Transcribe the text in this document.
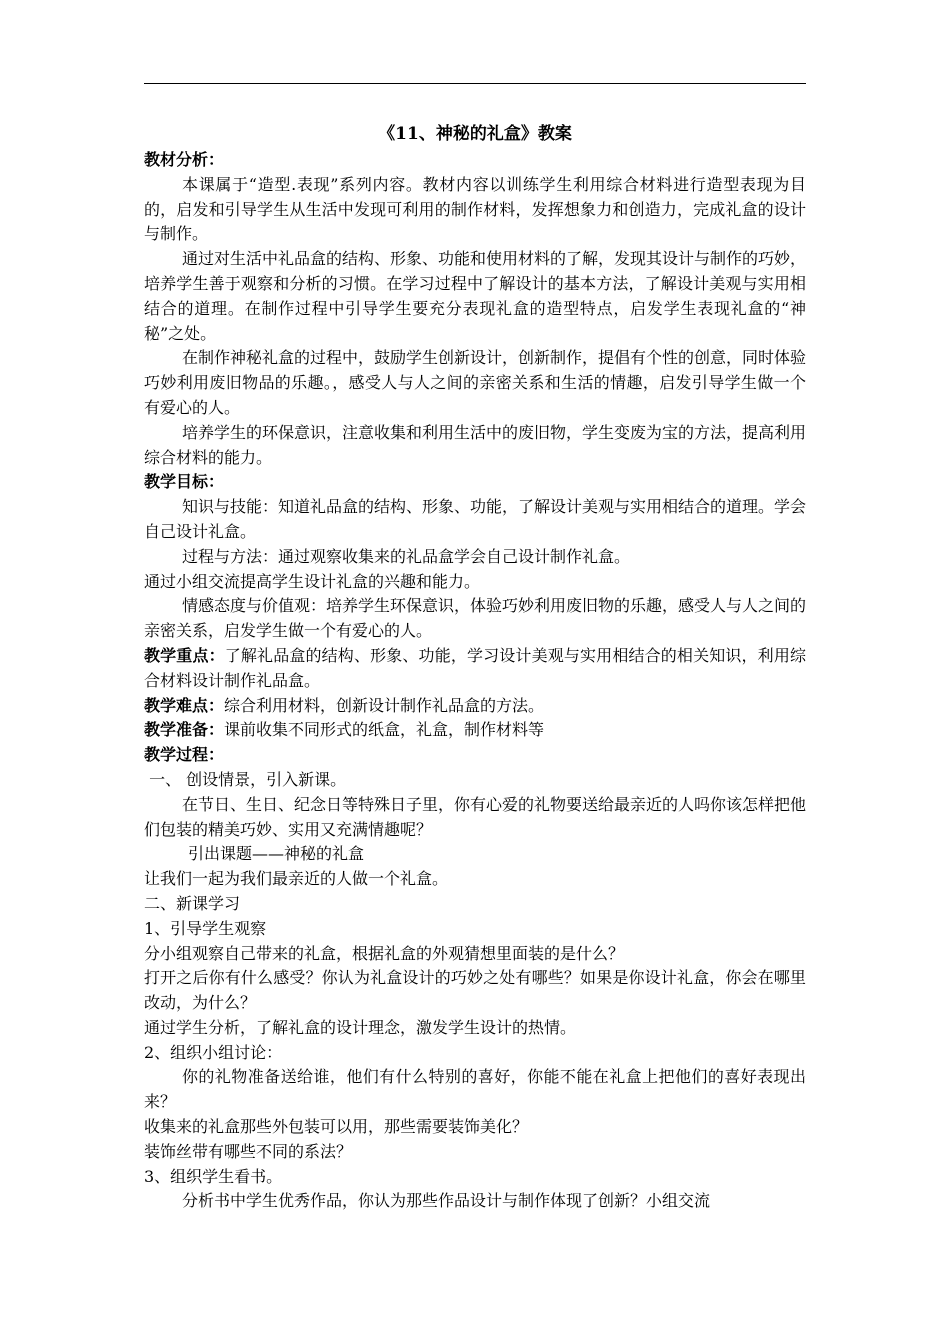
《11、神秘的礼盒》教案

教材分析：

本课属于“造型.表现”系列内容。教材内容以训练学生利用综合材料进行造型表现为目的，启发和引导学生从生活中发现可利用的制作材料，发挥想象力和创造力，完成礼盒的设计与制作。

通过对生活中礼品盒的结构、形象、功能和使用材料的了解，发现其设计与制作的巧妙，培养学生善于观察和分析的习惯。在学习过程中了解设计的基本方法，了解设计美观与实用相结合的道理。在制作过程中引导学生要充分表现礼盒的造型特点，启发学生表现礼盒的“神秘”之处。

在制作神秘礼盒的过程中，鼓励学生创新设计，创新制作，提倡有个性的创意，同时体验巧妙利用废旧物品的乐趣。，感受人与人之间的亲密关系和生活的情趣，启发引导学生做一个有爱心的人。

培养学生的环保意识，注意收集和利用生活中的废旧物，学生变废为宝的方法，提高利用综合材料的能力。

教学目标：

知识与技能：知道礼品盒的结构、形象、功能，了解设计美观与实用相结合的道理。学会自己设计礼盒。

过程与方法：通过观察收集来的礼品盒学会自己设计制作礼盒。

通过小组交流提高学生设计礼盒的兴趣和能力。

情感态度与价值观：培养学生环保意识，体验巧妙利用废旧物的乐趣，感受人与人之间的亲密关系，启发学生做一个有爱心的人。

教学重点：了解礼品盒的结构、形象、功能，学习设计美观与实用相结合的相关知识，利用综合材料设计制作礼品盒。

教学难点：综合利用材料，创新设计制作礼品盒的方法。

教学准备：课前收集不同形式的纸盒，礼盒，制作材料等

教学过程：

一、 创设情景，引入新课。

在节日、生日、纪念日等特殊日子里，你有心爱的礼物要送给最亲近的人吗你该怎样把他们包装的精美巧妙、实用又充满情趣呢？

引出课题——神秘的礼盒

让我们一起为我们最亲近的人做一个礼盒。

二、新课学习

1、引导学生观察

分小组观察自己带来的礼盒，根据礼盒的外观猜想里面装的是什么？

打开之后你有什么感受？你认为礼盒设计的巧妙之处有哪些？如果是你设计礼盒，你会在哪里改动，为什么？

通过学生分析，了解礼盒的设计理念，激发学生设计的热情。

2、组织小组讨论：

你的礼物准备送给谁，他们有什么特别的喜好，你能不能在礼盒上把他们的喜好表现出来？

收集来的礼盒那些外包装可以用，那些需要装饰美化？

装饰丝带有哪些不同的系法？

3、组织学生看书。

分析书中学生优秀作品，你认为那些作品设计与制作体现了创新？小组交流
